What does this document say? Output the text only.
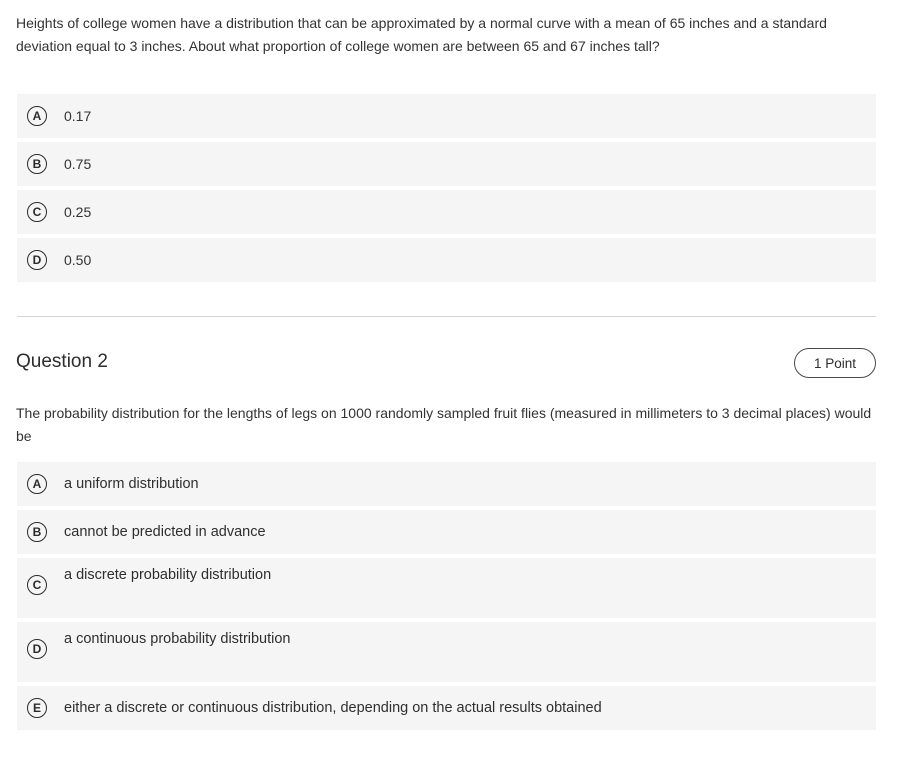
Heights of college women have a distribution that can be approximated by a normal curve with a mean of 65 inches and a standard deviation equal to 3 inches. About what proportion of college women are between 65 and 67 inches tall?

A	0.17
B	0.75
C	0.25
D	0.50
Question 2	1 Point

The probability distribution for the lengths of legs on 1000 randomly sampled fruit flies (measured in millimeters to 3 decimal places) would be

A	a uniform distribution
B	cannot be predicted in advance
C
a discrete probability distribution
D
a continuous probability distribution
E	either a discrete or continuous distribution, depending on the actual results obtained
